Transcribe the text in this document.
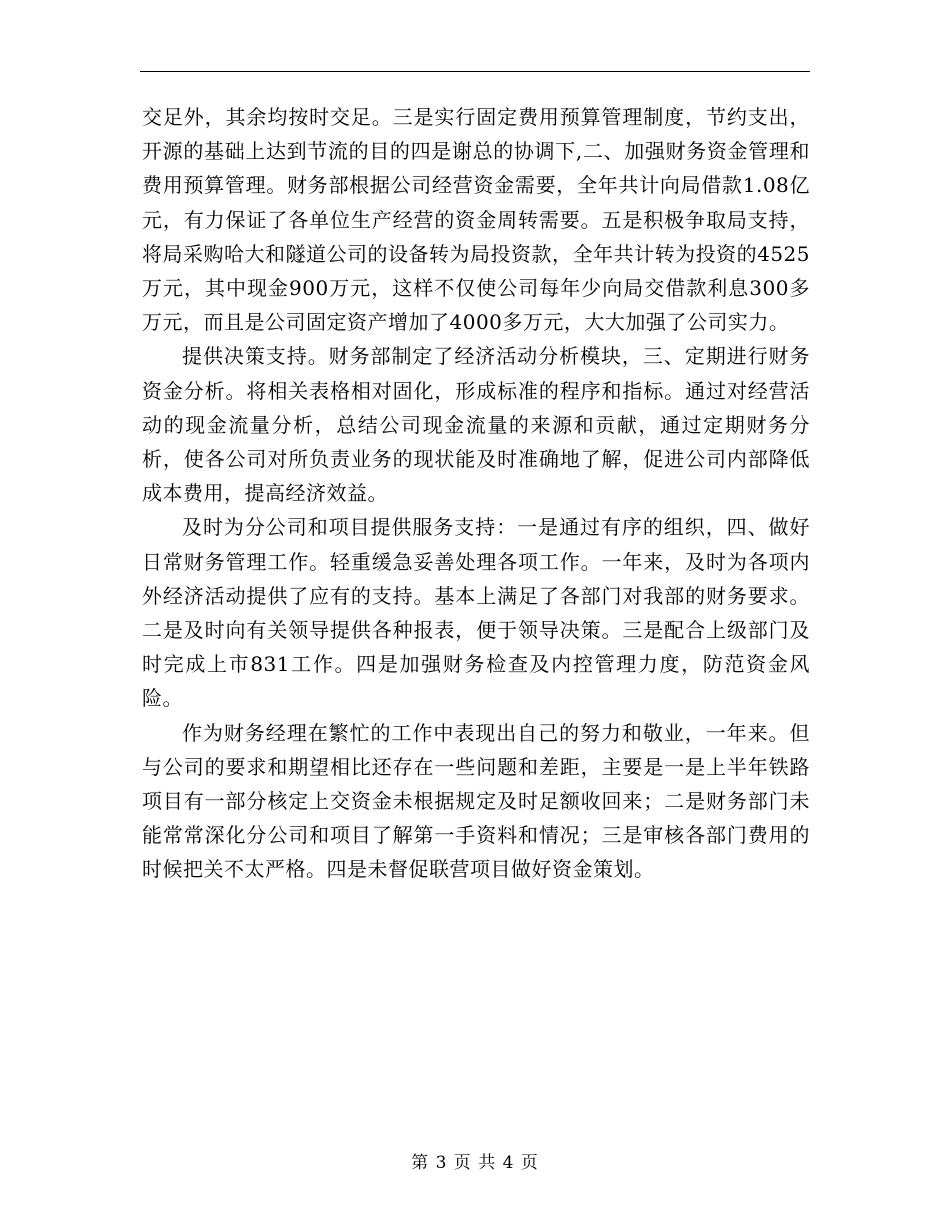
交足外，其余均按时交足。三是实行固定费用预算管理制度，节约支出，开源的基础上达到节流的目的四是谢总的协调下,二、加强财务资金管理和费用预算管理。财务部根据公司经营资金需要，全年共计向局借款1.08亿元，有力保证了各单位生产经营的资金周转需要。五是积极争取局支持，将局采购哈大和隧道公司的设备转为局投资款，全年共计转为投资的4525万元，其中现金900万元，这样不仅使公司每年少向局交借款利息300多万元，而且是公司固定资产增加了4000多万元，大大加强了公司实力。

提供决策支持。财务部制定了经济活动分析模块，三、定期进行财务资金分析。将相关表格相对固化，形成标准的程序和指标。通过对经营活动的现金流量分析，总结公司现金流量的来源和贡献，通过定期财务分析，使各公司对所负责业务的现状能及时准确地了解，促进公司内部降低成本费用，提高经济效益。

及时为分公司和项目提供服务支持：一是通过有序的组织，四、做好日常财务管理工作。轻重缓急妥善处理各项工作。一年来，及时为各项内外经济活动提供了应有的支持。基本上满足了各部门对我部的财务要求。二是及时向有关领导提供各种报表，便于领导决策。三是配合上级部门及时完成上市831工作。四是加强财务检查及内控管理力度，防范资金风险。

作为财务经理在繁忙的工作中表现出自己的努力和敬业，一年来。但与公司的要求和期望相比还存在一些问题和差距，主要是一是上半年铁路项目有一部分核定上交资金未根据规定及时足额收回来；二是财务部门未能常常深化分公司和项目了解第一手资料和情况；三是审核各部门费用的时候把关不太严格。四是未督促联营项目做好资金策划。

第 3 页 共 4 页
